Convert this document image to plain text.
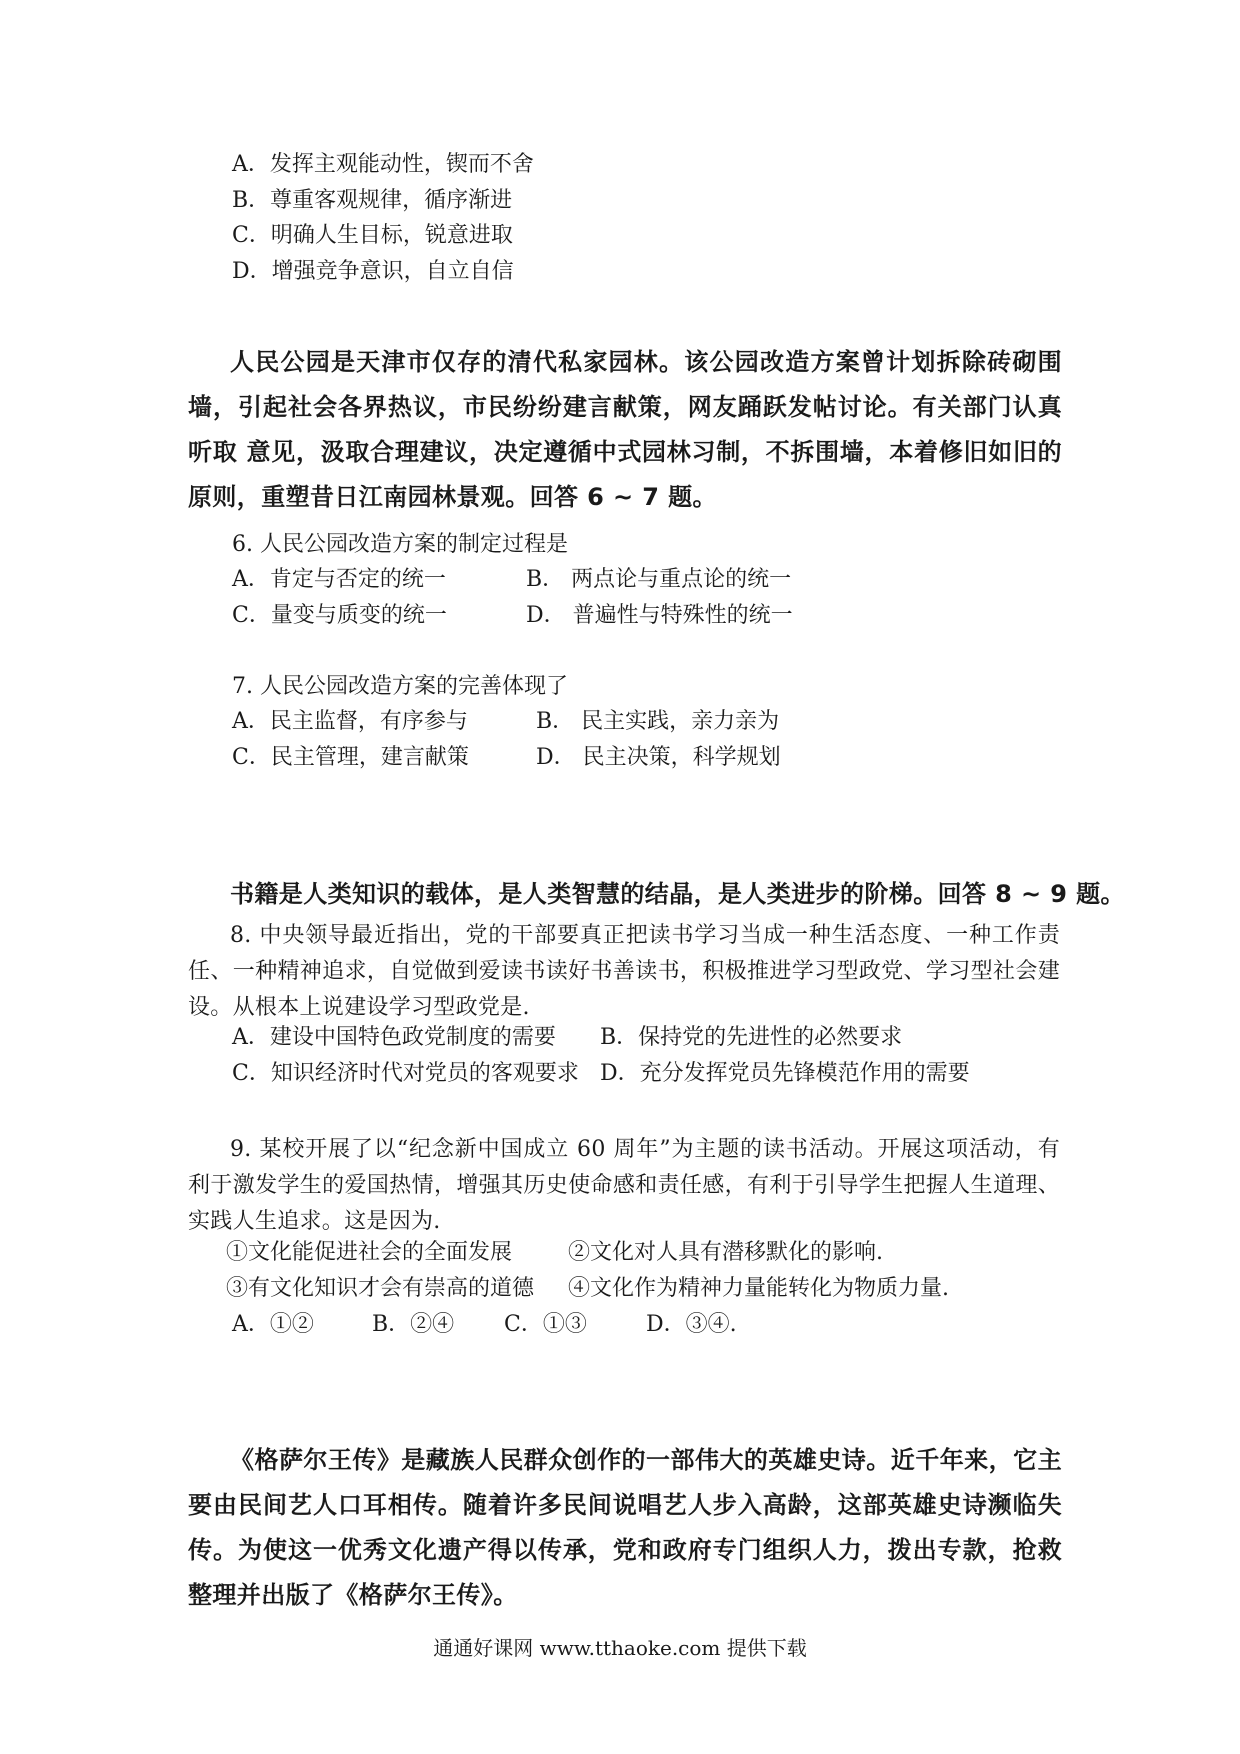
A．发挥主观能动性，锲而不舍
B．尊重客观规律，循序渐进
C．明确人生目标，锐意进取
D．增强竞争意识，自立自信
人民公园是天津市仅存的清代私家园林。该公园改造方案曾计划拆除砖砌围墙，引起社会各界热议，市民纷纷建言献策，网友踊跃发帖讨论。有关部门认真听取 意见，汲取合理建议，决定遵循中式园林习制，不拆围墙，本着修旧如旧的原则，重塑昔日江南园林景观。回答 6 ~ 7 题。
6. 人民公园改造方案的制定过程是
A．肯定与否定的统一	B． 两点论与重点论的统一
C．量变与质变的统一	D． 普遍性与特殊性的统一
7. 人民公园改造方案的完善体现了
A．民主监督，有序参与	B． 民主实践，亲力亲为
C．民主管理，建言献策	D． 民主决策，科学规划
书籍是人类知识的载体，是人类智慧的结晶，是人类进步的阶梯。回答 8 ~ 9 题。
8. 中央领导最近指出，党的干部要真正把读书学习当成一种生活态度、一种工作责任、一种精神追求，自觉做到爱读书读好书善读书，积极推进学习型政党、学习型社会建设。从根本上说建设学习型政党是.
A．建设中国特色政党制度的需要 B．保持党的先进性的必然要求
C．知识经济时代对党员的客观要求 D．充分发挥党员先锋模范作用的需要
9. 某校开展了以“纪念新中国成立 60 周年”为主题的读书活动。开展这项活动，有利于激发学生的爱国热情，增强其历史使命感和责任感，有利于引导学生把握人生道理、实践人生追求。这是因为.
①文化能促进社会的全面发展	②文化对人具有潜移默化的影响.
③有文化知识才会有崇高的道德 ④文化作为精神力量能转化为物质力量.
A．①②	B．②④ C．①③	D．③④.
《格萨尔王传》是藏族人民群众创作的一部伟大的英雄史诗。近千年来，它主要由民间艺人口耳相传。随着许多民间说唱艺人步入高龄，这部英雄史诗濒临失传。为使这一优秀文化遗产得以传承，党和政府专门组织人力，拨出专款，抢救整理并出版了《格萨尔王传》。
通通好课网 www.tthaoke.com 提供下载
